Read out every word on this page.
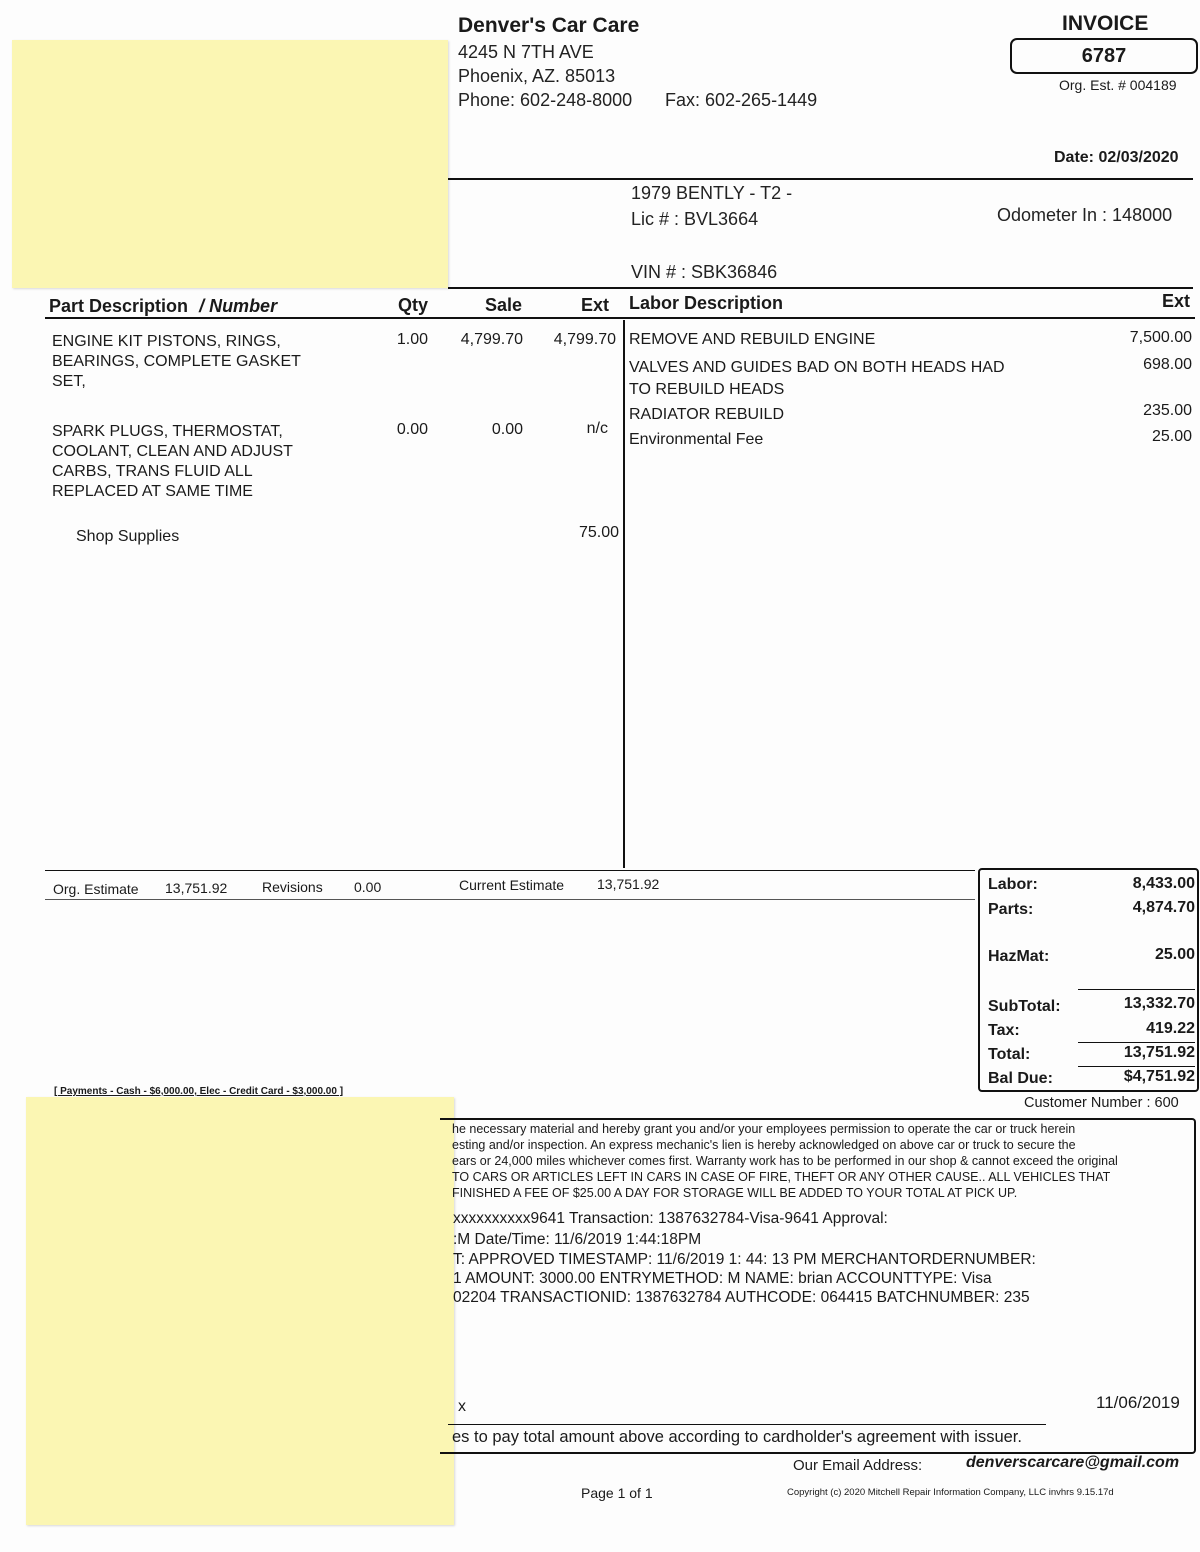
Denver's Car Care
4245 N 7TH AVE
Phoenix, AZ. 85013
Phone: 602-248-8000 Fax: 602-265-1449
INVOICE
6787
Org. Est. # 004189
Date: 02/03/2020
1979 BENTLY - T2 -
Lic # : BVL3664	Odometer In : 148000
VIN # : SBK36846
Part Description / Number	Qty	Sale	Ext Labor Description	Ext
ENGINE KIT PISTONS, RINGS,
BEARINGS, COMPLETE GASKET
SET,
1.00	4,799.70	4,799.70
SPARK PLUGS, THERMOSTAT,
COOLANT, CLEAN AND ADJUST
CARBS, TRANS FLUID ALL
REPLACED AT SAME TIME
0.00	0.00	n/c
Shop Supplies	75.00
REMOVE AND REBUILD ENGINE	7,500.00
VALVES AND GUIDES BAD ON BOTH HEADS HAD
TO REBUILD HEADS
698.00
RADIATOR REBUILD	235.00
Environmental Fee	25.00
Org. Estimate 13,751.92 Revisions 0.00	Current Estimate 13,751.92	Labor:	8,433.00
Parts:	4,874.70
HazMat:	25.00
SubTotal:	13,332.70
Tax:	419.22
Total:	13,751.92
Bal Due:	$4,751.92
[ Payments - Cash - $6,000.00, Elec - Credit Card - $3,000.00 ]
Customer Number : 600
he necessary material and hereby grant you and/or your employees permission to operate the car or truck herein
esting and/or inspection. An express mechanic's lien is hereby acknowledged on above car or truck to secure the
ears or 24,000 miles whichever comes first. Warranty work has to be performed in our shop & cannot exceed the original
TO CARS OR ARTICLES LEFT IN CARS IN CASE OF FIRE, THEFT OR ANY OTHER CAUSE.. ALL VEHICLES THAT
FINISHED A FEE OF $25.00 A DAY FOR STORAGE WILL BE ADDED TO YOUR TOTAL AT PICK UP.
xxxxxxxxxx9641 Transaction: 1387632784-Visa-9641 Approval:
:M Date/Time: 11/6/2019 1:44:18PM
T: APPROVED TIMESTAMP: 11/6/2019 1: 44: 13 PM MERCHANTORDERNUMBER:
1 AMOUNT: 3000.00 ENTRYMETHOD: M NAME: brian ACCOUNTTYPE: Visa
02204 TRANSACTIONID: 1387632784 AUTHCODE: 064415 BATCHNUMBER: 235
x	11/06/2019
es to pay total amount above according to cardholder's agreement with issuer.
Our Email Address:	denverscarcare@gmail.com
Page 1 of 1	Copyright (c) 2020 Mitchell Repair Information Company, LLC invhrs 9.15.17d
